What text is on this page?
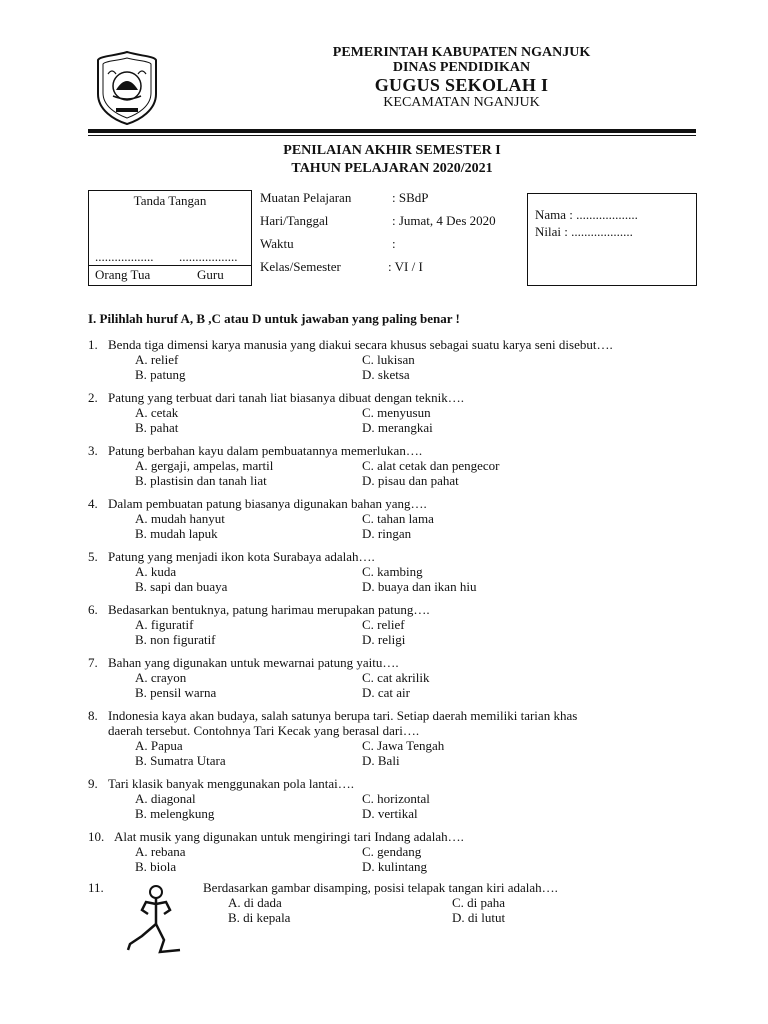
PEMERINTAH KABUPATEN NGANJUK
DINAS PENDIDIKAN
GUGUS SEKOLAH I
KECAMATAN NGANJUK
PENILAIAN AKHIR SEMESTER I
TAHUN PELAJARAN 2020/2021
Tanda Tangan
.................. ..................
Orang Tua	Guru
Muatan Pelajaran	: SBdP
Hari/Tanggal	: Jumat, 4 Des 2020
Waktu	:
Kelas/Semester	: VI / I
Nama : ...................
Nilai : ...................
I. Pilihlah huruf A, B ,C atau D untuk jawaban yang paling benar !
1. Benda tiga dimensi karya manusia yang diakui secara khusus sebagai suatu karya seni disebut….
A. relief	C. lukisan
B. patung	D. sketsa
2. Patung yang terbuat dari tanah liat biasanya dibuat dengan teknik….
A. cetak	C. menyusun
B. pahat	D. merangkai
3. Patung berbahan kayu dalam pembuatannya memerlukan….
A. gergaji, ampelas, martil	C. alat cetak dan pengecor
B. plastisin dan tanah liat	D. pisau dan pahat
4. Dalam pembuatan patung biasanya digunakan bahan yang….
A. mudah hanyut	C. tahan lama
B. mudah lapuk	D. ringan
5. Patung yang menjadi ikon kota Surabaya adalah….
A. kuda	C. kambing
B. sapi dan buaya	D. buaya dan ikan hiu
6. Bedasarkan bentuknya, patung harimau merupakan patung….
A. figuratif	C. relief
B. non figuratif	D. religi
7. Bahan yang digunakan untuk mewarnai patung yaitu….
A. crayon	C. cat akrilik
B. pensil warna	D. cat air
8. Indonesia kaya akan budaya, salah satunya berupa tari. Setiap daerah memiliki tarian khas
daerah tersebut. Contohnya Tari Kecak yang berasal dari….
A. Papua	C. Jawa Tengah
B. Sumatra Utara	D. Bali
9. Tari klasik banyak menggunakan pola lantai….
A. diagonal	C. horizontal
B. melengkung	D. vertikal
10. Alat musik yang digunakan untuk mengiringi tari Indang adalah….
A. rebana	C. gendang
B. biola	D. kulintang
11.	Berdasarkan gambar disamping, posisi telapak tangan kiri adalah….
A. di dada	C. di paha
B. di kepala	D. di lutut
